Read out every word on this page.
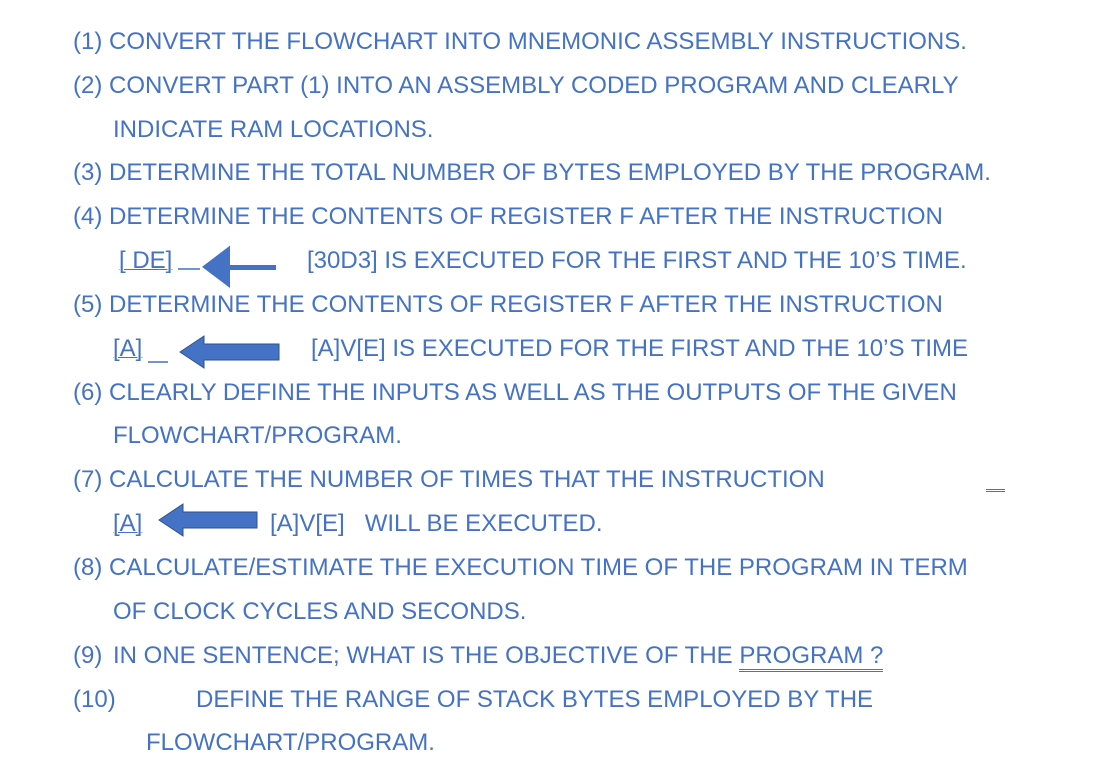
(1) CONVERT THE FLOWCHART INTO MNEMONIC ASSEMBLY INSTRUCTIONS.
(2) CONVERT PART (1) INTO AN ASSEMBLY CODED PROGRAM AND CLEARLY
INDICATE RAM LOCATIONS.
(3) DETERMINE THE TOTAL NUMBER OF BYTES EMPLOYED BY THE PROGRAM.
(4) DETERMINE THE CONTENTS OF REGISTER F AFTER THE INSTRUCTION
[ DE]	[30D3] IS EXECUTED FOR THE FIRST AND THE 10’S TIME.
(5) DETERMINE THE CONTENTS OF REGISTER F AFTER THE INSTRUCTION
[A]	[A]V[E] IS EXECUTED FOR THE FIRST AND THE 10’S TIME
(6) CLEARLY DEFINE THE INPUTS AS WELL AS THE OUTPUTS OF THE GIVEN
FLOWCHART/PROGRAM.
(7) CALCULATE THE NUMBER OF TIMES THAT THE INSTRUCTION
[A]	[A]V[E]   WILL BE EXECUTED.
(8) CALCULATE/ESTIMATE THE EXECUTION TIME OF THE PROGRAM IN TERM
OF CLOCK CYCLES AND SECONDS.
(9) IN ONE SENTENCE; WHAT IS THE OBJECTIVE OF THE PROGRAM ?
(10)	DEFINE THE RANGE OF STACK BYTES EMPLOYED BY THE
FLOWCHART/PROGRAM.
